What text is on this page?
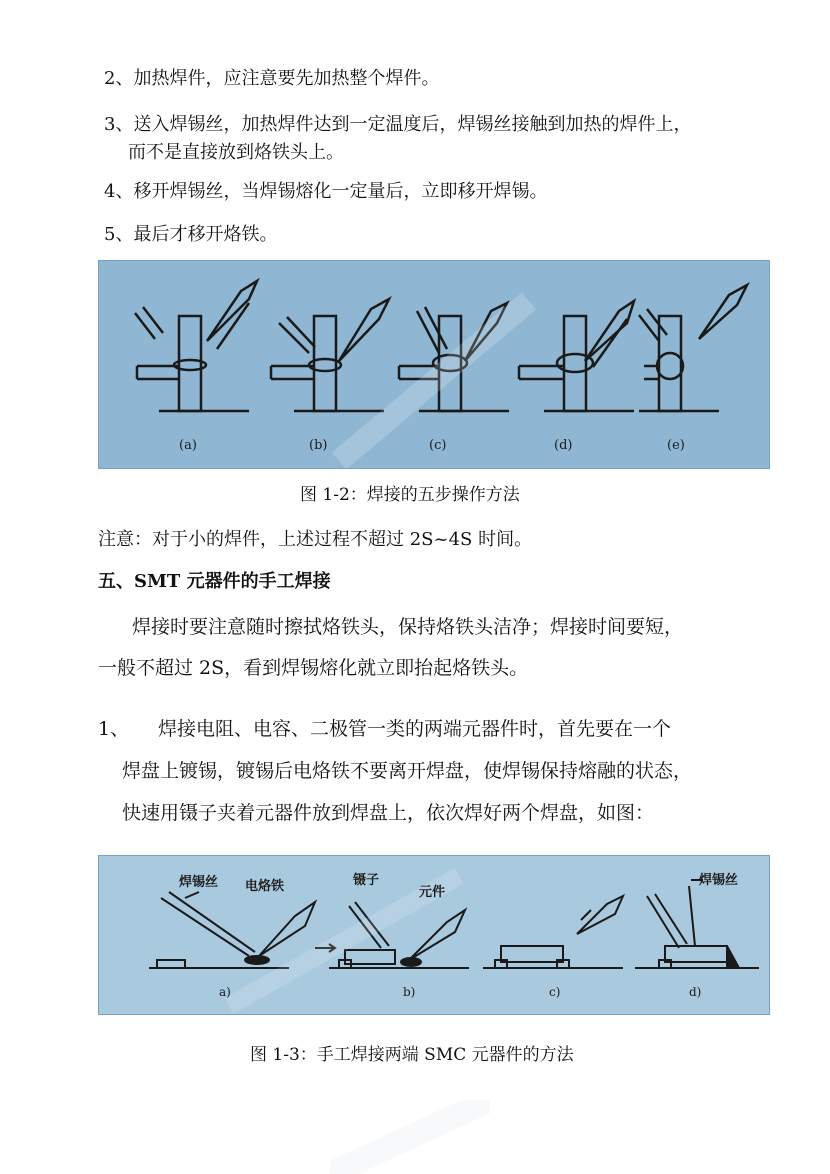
2、加热焊件，应注意要先加热整个焊件。
3、送入焊锡丝，加热焊件达到一定温度后，焊锡丝接触到加热的焊件上，
而不是直接放到烙铁头上。
4、移开焊锡丝，当焊锡熔化一定量后，立即移开焊锡。
5、最后才移开烙铁。
(a)	(b)	(c)	(d)	(e)
图 1-2：焊接的五步操作方法
注意：对于小的焊件，上述过程不超过 2S~4S 时间。
五、SMT 元器件的手工焊接
焊接时要注意随时擦拭烙铁头，保持烙铁头洁净；焊接时间要短，
一般不超过 2S，看到焊锡熔化就立即抬起烙铁头。
1、 焊接电阻、电容、二极管一类的两端元器件时，首先要在一个
焊盘上镀锡，镀锡后电烙铁不要离开焊盘，使焊锡保持熔融的状态，
快速用镊子夹着元器件放到焊盘上，依次焊好两个焊盘，如图：
焊锡丝 电烙铁	镊子
元件
焊锡丝
a)	b)	c)	d)
图 1-3：手工焊接两端 SMC 元器件的方法
